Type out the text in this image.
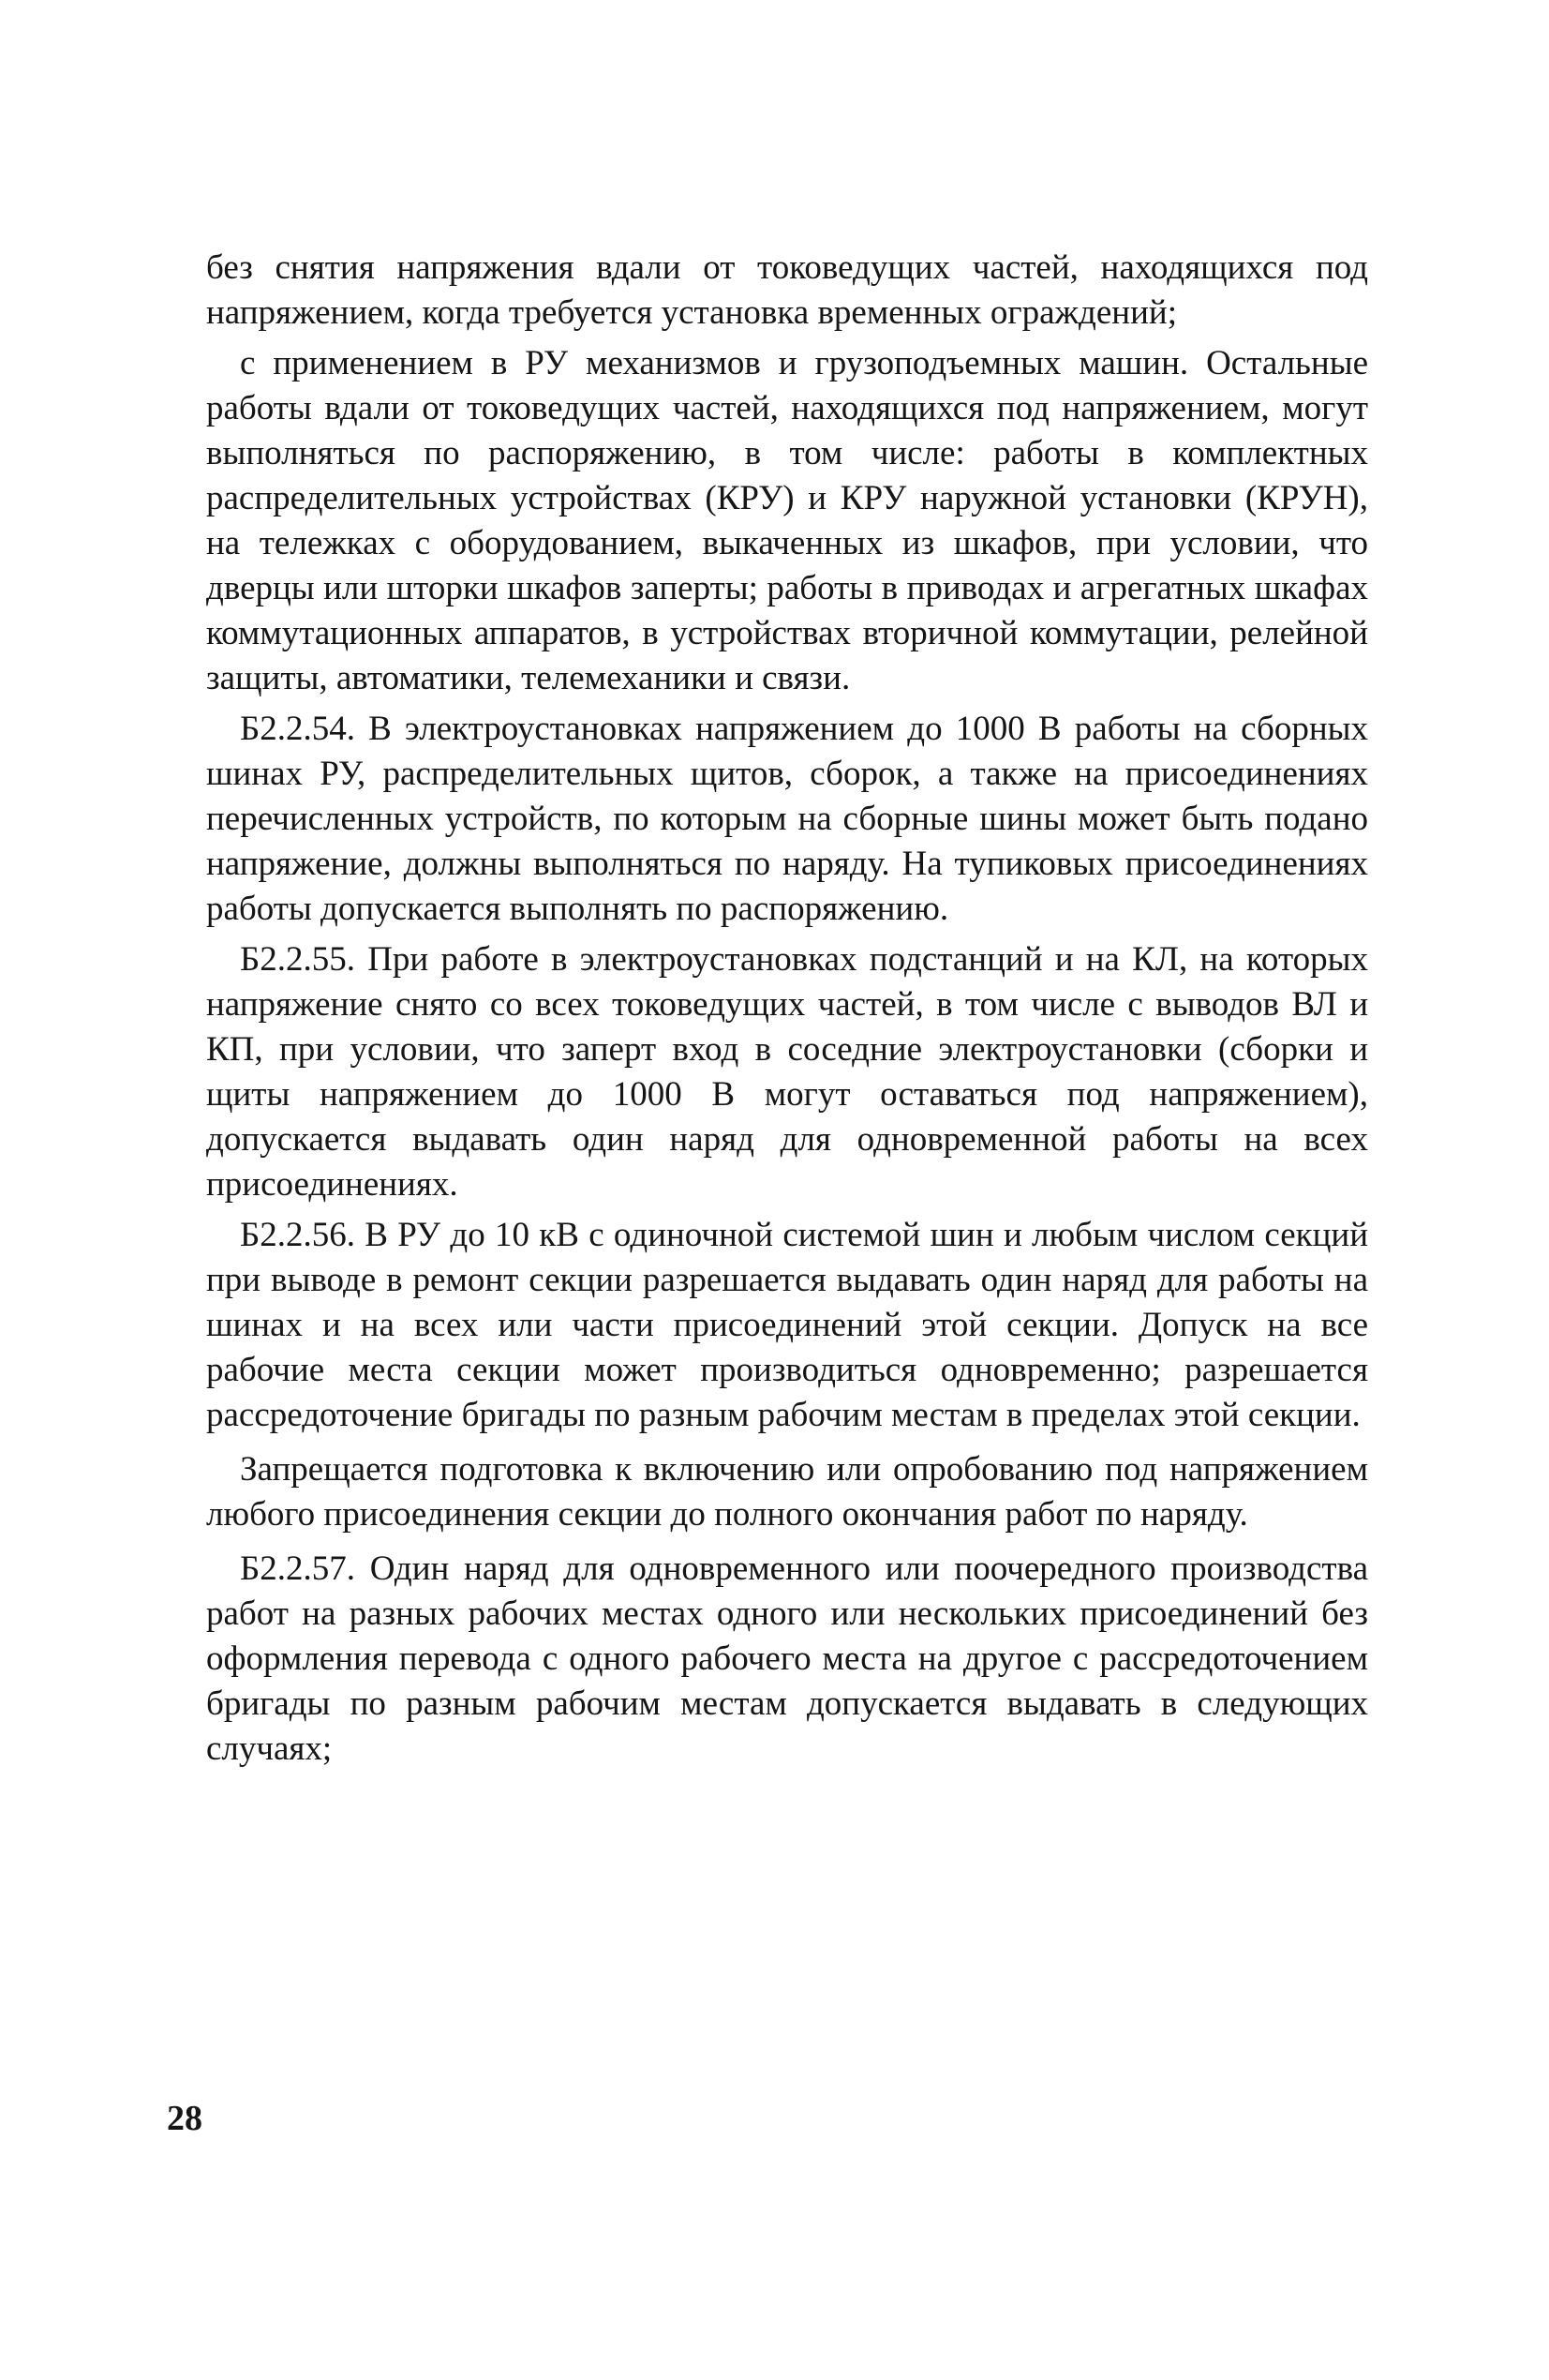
без снятия напряжения вдали от токоведущих частей, находящихся под напряжением, когда требуется установка временных ограждений;

с применением в РУ механизмов и грузоподъемных машин. Остальные работы вдали от токоведущих частей, находящихся под напряжением, могут выполняться по распоряжению, в том числе: работы в комплектных распределительных устройствах (КРУ) и КРУ наружной установки (КРУН), на тележках с оборудованием, выкаченных из шкафов, при условии, что дверцы или шторки шкафов заперты; работы в приводах и агрегатных шкафах коммутационных аппаратов, в устройствах вторичной коммутации, релейной защиты, автоматики, телемеханики и связи.

Б2.2.54. В электроустановках напряжением до 1000 В работы на сборных шинах РУ, распределительных щитов, сборок, а также на присоединениях перечисленных устройств, по которым на сборные шины может быть подано напряжение, должны выполняться по наряду. На тупиковых присоединениях работы допускается выполнять по распоряжению.

Б2.2.55. При работе в электроустановках подстанций и на КЛ, на которых напряжение снято со всех токоведущих частей, в том числе с выводов ВЛ и КП, при условии, что заперт вход в соседние электроустановки (сборки и щиты напряжением до 1000 В могут оставаться под напряжением), допускается выдавать один наряд для одновременной работы на всех присоединениях.

Б2.2.56. В РУ до 10 кВ с одиночной системой шин и любым числом секций при выводе в ремонт секции разрешается выдавать один наряд для работы на шинах и на всех или части присоединений этой секции. Допуск на все рабочие места секции может производиться одновременно; разрешается рассредоточение бригады по разным рабочим местам в пределах этой секции.

Запрещается подготовка к включению или опробованию под напряжением любого присоединения секции до полного окончания работ по наряду.

Б2.2.57. Один наряд для одновременного или поочередного производства работ на разных рабочих местах одного или нескольких присоединений без оформления перевода с одного рабочего места на другое с рассредоточением бригады по разным рабочим местам допускается выдавать в следующих случаях;

28
